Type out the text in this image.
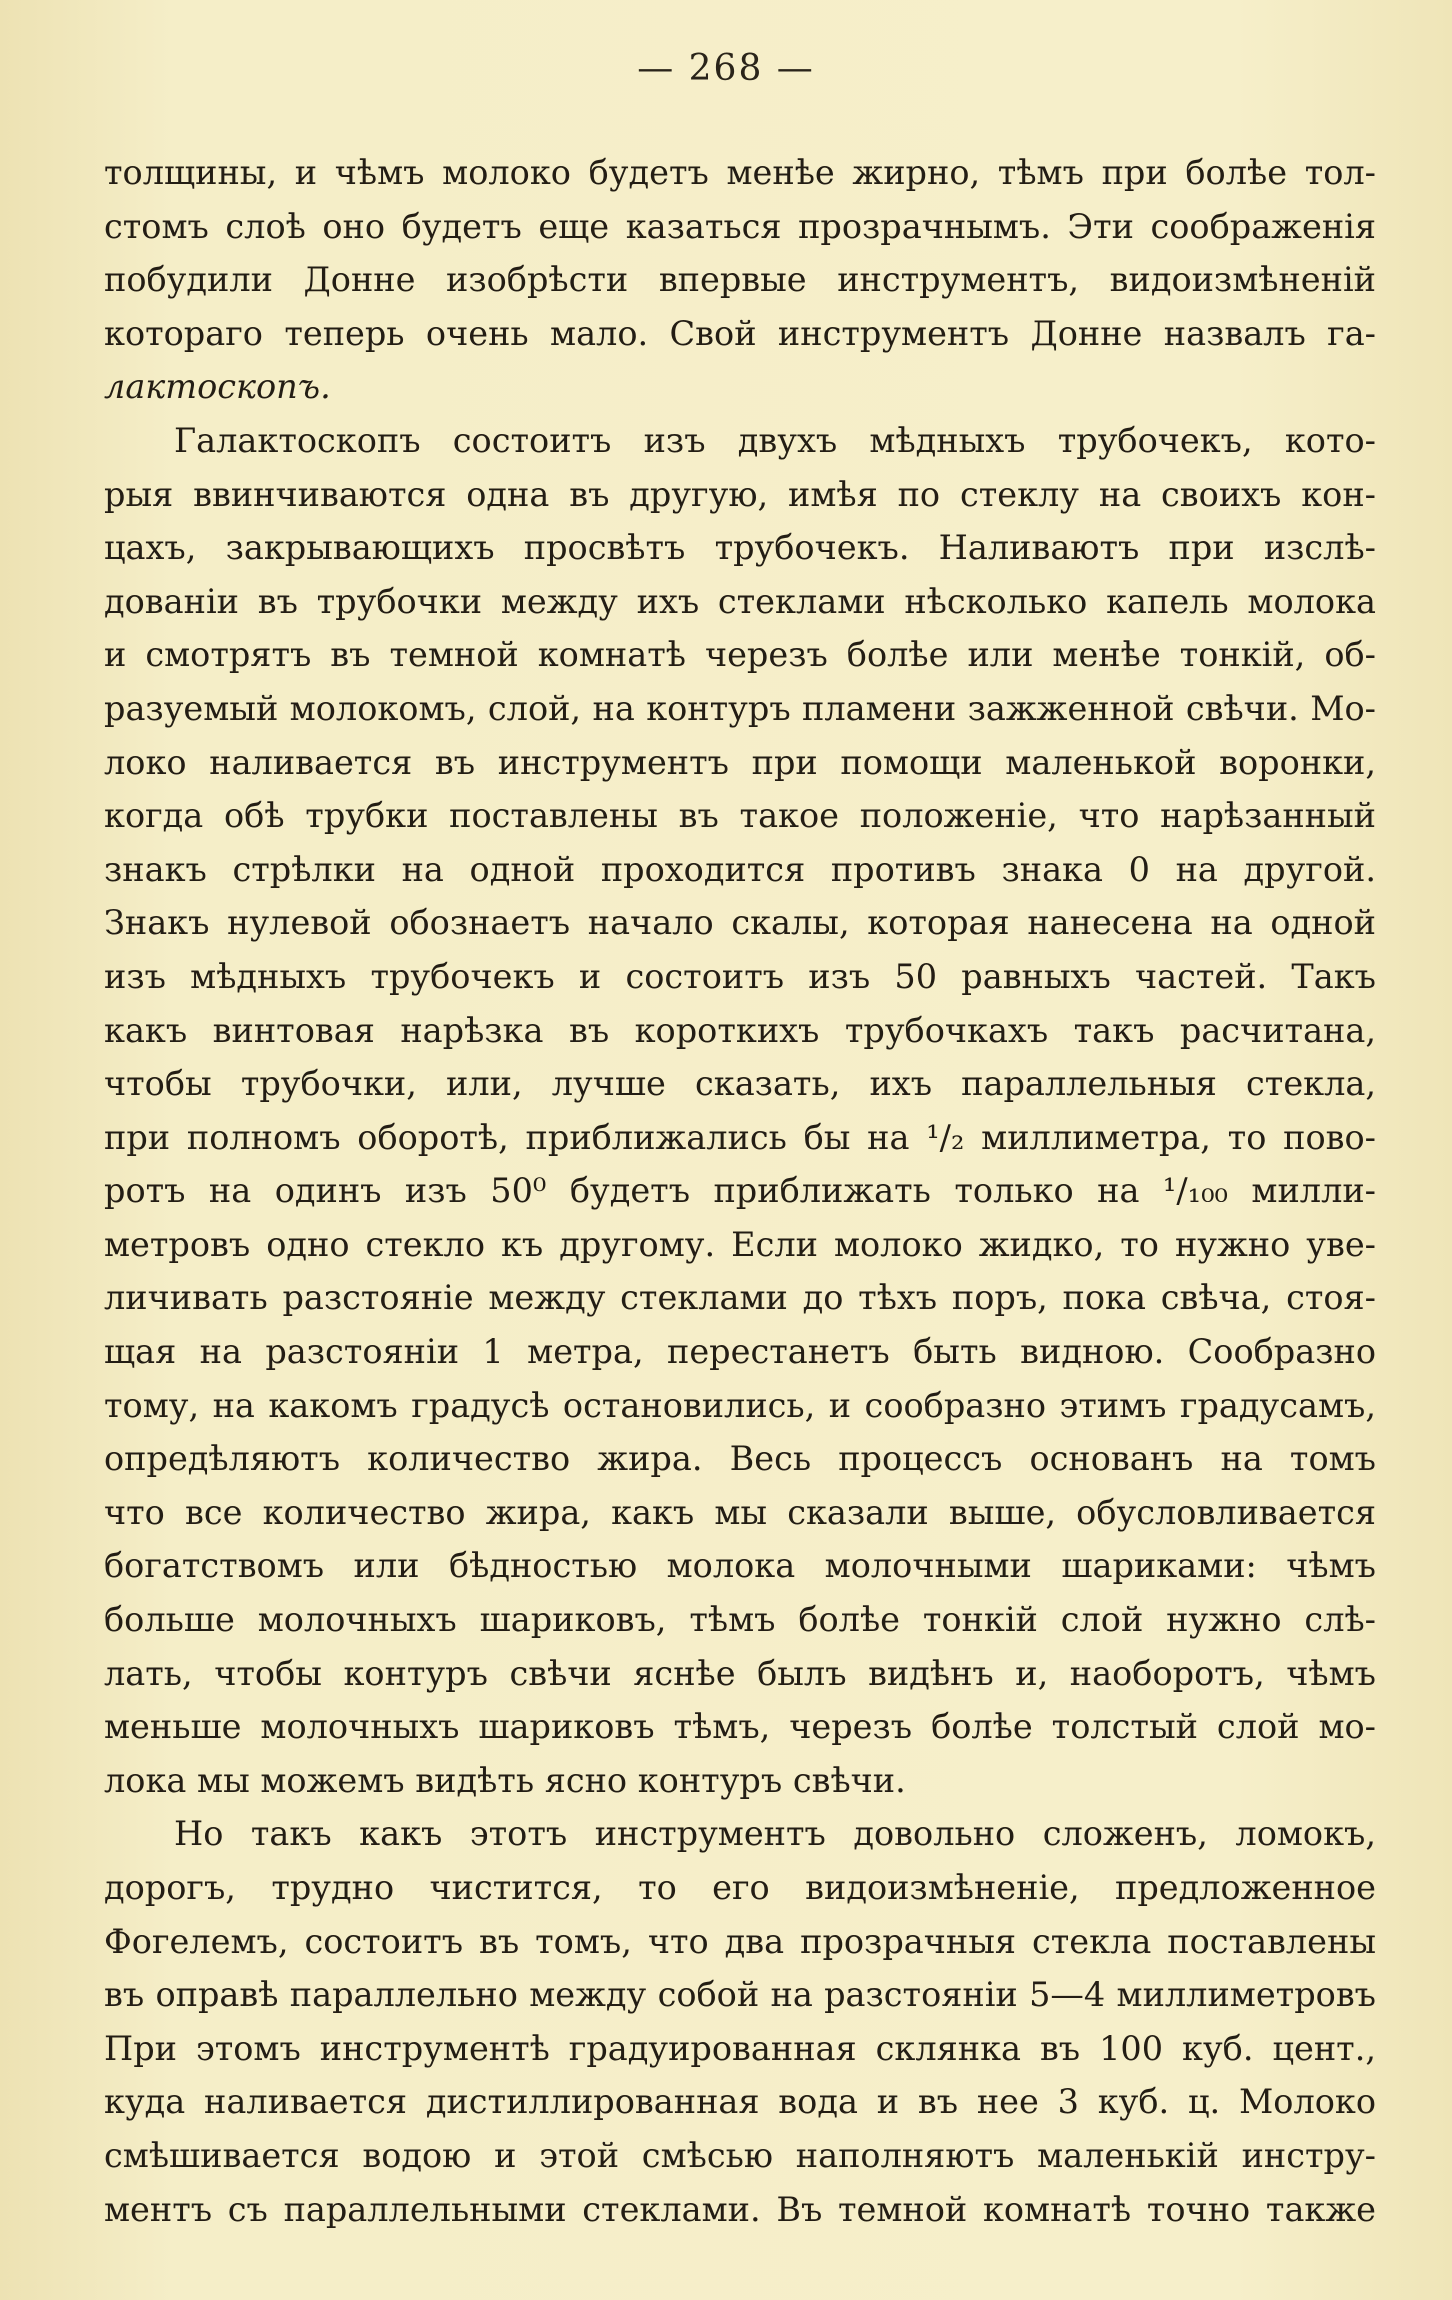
— 268 —
толщины, и чѣмъ молоко будетъ менѣе жирно, тѣмъ при болѣе тол-
стомъ слоѣ оно будетъ еще казаться прозрачнымъ. Эти соображенія
побудили Донне изобрѣсти впервые инструментъ, видоизмѣненій
котораго теперь очень мало. Свой инструментъ Донне назвалъ га-
лактоскопъ.
Галактоскопъ состоитъ изъ двухъ мѣдныхъ трубочекъ, кото-
рыя ввинчиваются одна въ другую, имѣя по стеклу на своихъ кон-
цахъ, закрывающихъ просвѣтъ трубочекъ. Наливаютъ при изслѣ-
дованіи въ трубочки между ихъ стеклами нѣсколько капель молока
и смотрятъ въ темной комнатѣ черезъ болѣе или менѣе тонкій, об-
разуемый молокомъ, слой, на контуръ пламени зажженной свѣчи. Мо-
локо наливается въ инструментъ при помощи маленькой воронки,
когда обѣ трубки поставлены въ такое положеніе, что нарѣзанный
знакъ стрѣлки на одной проходится противъ знака 0 на другой.
Знакъ нулевой обознаетъ начало скалы, которая нанесена на одной
изъ мѣдныхъ трубочекъ и состоитъ изъ 50 равныхъ частей. Такъ
какъ винтовая нарѣзка въ короткихъ трубочкахъ такъ расчитана,
чтобы трубочки, или, лучше сказать, ихъ параллельныя стекла,
при полномъ оборотѣ, приближались бы на ¹/₂ миллиметра, то пово-
ротъ на одинъ изъ 50⁰ будетъ приближать только на ¹/₁₀₀ милли-
метровъ одно стекло къ другому. Если молоко жидко, то нужно уве-
личивать разстояніе между стеклами до тѣхъ поръ, пока свѣча, стоя-
щая на разстояніи 1 метра, перестанетъ быть видною. Сообразно
тому, на какомъ градусѣ остановились, и сообразно этимъ градусамъ,
опредѣляютъ количество жира. Весь процессъ основанъ на томъ
что все количество жира, какъ мы сказали выше, обусловливается
богатствомъ или бѣдностью молока молочными шариками: чѣмъ
больше молочныхъ шариковъ, тѣмъ болѣе тонкій слой нужно слѣ-
лать, чтобы контуръ свѣчи яснѣе былъ видѣнъ и, наоборотъ, чѣмъ
меньше молочныхъ шариковъ тѣмъ, черезъ болѣе толстый слой мо-
лока мы можемъ видѣть ясно контуръ свѣчи.
Но такъ какъ этотъ инструментъ довольно сложенъ, ломокъ,
дорогъ, трудно чистится, то его видоизмѣненіе, предложенное
Фогелемъ, состоитъ въ томъ, что два прозрачныя стекла поставлены
въ оправѣ параллельно между собой на разстояніи 5—4 миллиметровъ
При этомъ инструментѣ градуированная склянка въ 100 куб. цент.,
куда наливается дистиллированная вода и въ нее 3 куб. ц. Молоко
смѣшивается водою и этой смѣсью наполняютъ маленькій инстру-
ментъ съ параллельными стеклами. Въ темной комнатѣ точно также
